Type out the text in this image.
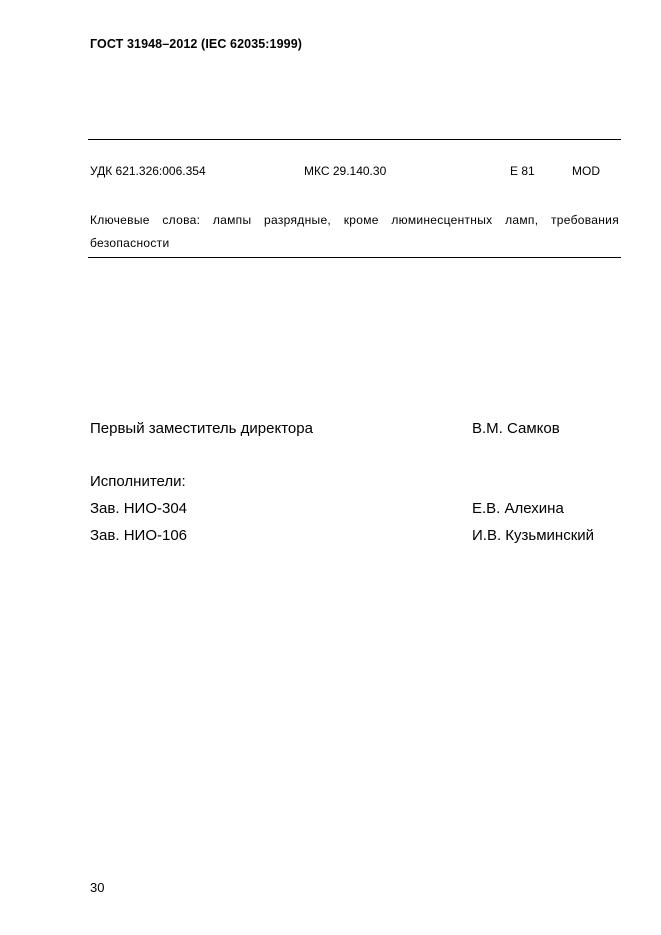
ГОСТ 31948–2012 (IEC 62035:1999)
УДК 621.326:006.354	МКС 29.140.30	Е 81	MOD
Ключевые слова: лампы разрядные, кроме люминесцентных ламп, требования безопасности
Первый заместитель директора	В.М. Самков
Исполнители:
Зав. НИО-304	Е.В. Алехина
Зав. НИО-106	И.В. Кузьминский
30
